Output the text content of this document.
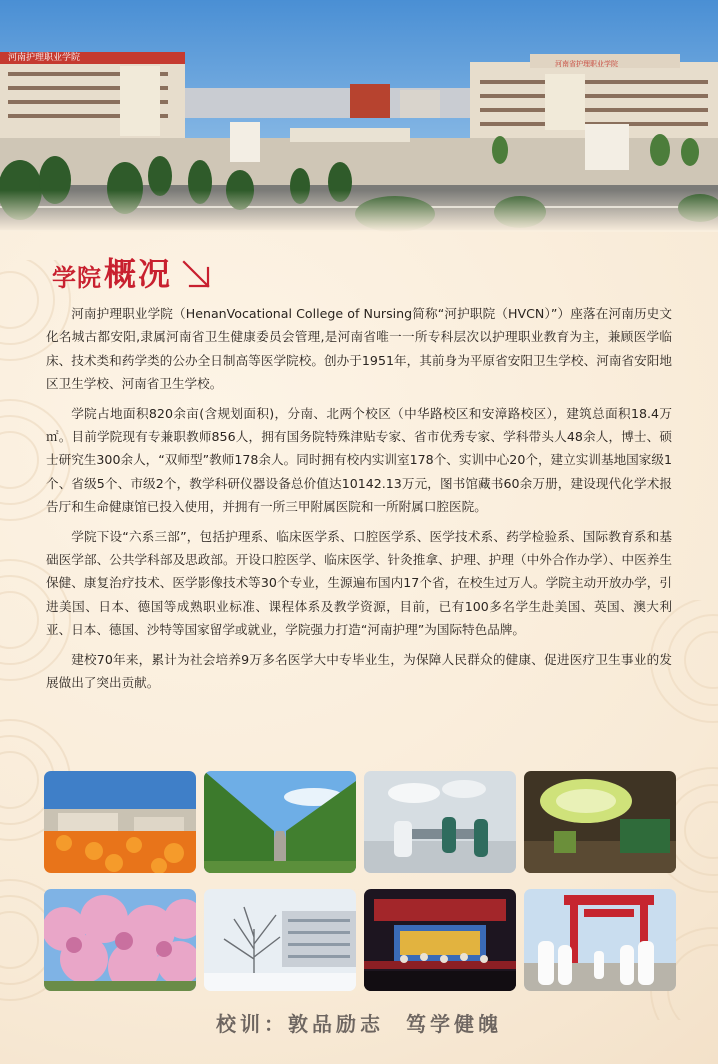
学院 概况

河南护理职业学院（HenanVocational College of Nursing简称“河护职院（HVCN）”）座落在河南历史文化名城古都安阳,隶属河南省卫生健康委员会管理,是河南省唯一一所专科层次以护理职业教育为主，兼顾医学临床、技术类和药学类的公办全日制高等医学院校。创办于1951年，其前身为平原省安阳卫生学校、河南省安阳地区卫生学校、河南省卫生学校。

学院占地面积820余亩(含规划面积)，分南、北两个校区（中华路校区和安漳路校区），建筑总面积18.4万㎡。目前学院现有专兼职教师856人，拥有国务院特殊津贴专家、省市优秀专家、学科带头人48余人，博士、硕士研究生300余人，“双师型”教师178余人。同时拥有校内实训室178个、实训中心20个，建立实训基地国家级1个、省级5个、市级2个，教学科研仪器设备总价值达10142.13万元，图书馆藏书60余万册，建设现代化学术报告厅和生命健康馆已投入使用，并拥有一所三甲附属医院和一所附属口腔医院。

学院下设“六系三部”，包括护理系、临床医学系、口腔医学系、医学技术系、药学检验系、国际教育系和基础医学部、公共学科部及思政部。开设口腔医学、临床医学、针灸推拿、护理、护理（中外合作办学）、中医养生保健、康复治疗技术、医学影像技术等30个专业，生源遍布国内17个省，在校生过万人。学院主动开放办学，引进美国、日本、德国等成熟职业标准、课程体系及教学资源，目前，已有100多名学生赴美国、英国、澳大利亚、日本、德国、沙特等国家留学或就业，学院强力打造“河南护理”为国际特色品牌。

建校70年来，累计为社会培养9万多名医学大中专毕业生，为保障人民群众的健康、促进医疗卫生事业的发展做出了突出贡献。

校训：敦品励志 笃学健魄
